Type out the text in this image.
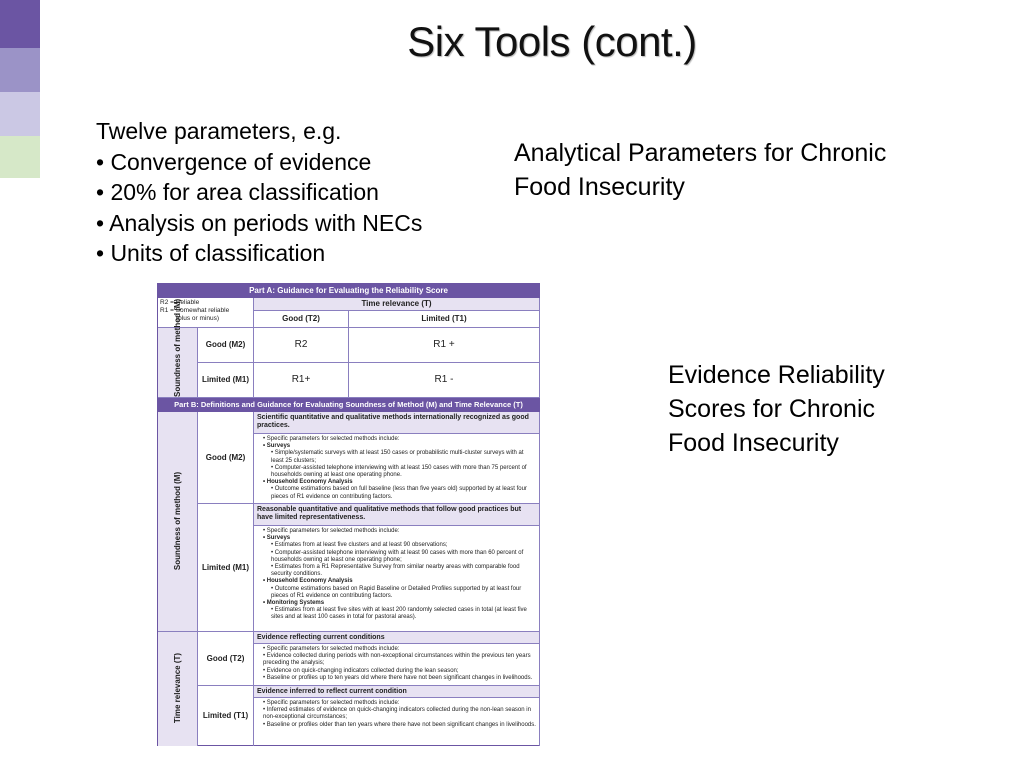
Six Tools (cont.)
Twelve parameters, e.g.
• Convergence of evidence
• 20% for area classification
• Analysis on periods with NECs
• Units of classification
Analytical Parameters for Chronic
Food Insecurity
Evidence Reliability
Scores for Chronic
Food Insecurity
Part A: Guidance for Evaluating the Reliability Score
R2 = Reliable
R1 = Somewhat reliable
(plus or minus)
Time relevance (T)
Good (T2)	Limited (T1)
Soundness of method (M)	Good (M2)	R2	R1 +
Limited (M1)	R1+	R1 -
Part B: Definitions and Guidance for Evaluating Soundness of Method (M) and Time Relevance (T)
Soundness of method (M)
Good (M2)
Scientific quantitative and qualitative methods internationally recognized as good practices.
• Specific parameters for selected methods include:
• Surveys
• Simple/systematic surveys with at least 150 cases or probabilistic multi-cluster surveys with at least 25 clusters;
• Computer-assisted telephone interviewing with at least 150 cases with more than 75 percent of households owning at least one operating phone.
• Household Economy Analysis
• Outcome estimations based on full baseline (less than five years old) supported by at least four pieces of R1 evidence on contributing factors.
Limited (M1)
Reasonable quantitative and qualitative methods that follow good practices but have limited representativeness.
• Specific parameters for selected methods include:
• Surveys
• Estimates from at least five clusters and at least 90 observations;
• Computer-assisted telephone interviewing with at least 90 cases with more than 60 percent of households owning at least one operating phone;
• Estimates from a R1 Representative Survey from similar nearby areas with comparable food security conditions.
• Household Economy Analysis
• Outcome estimations based on Rapid Baseline or Detailed Profiles supported by at least four pieces of R1 evidence on contributing factors.
• Monitoring Systems
• Estimates from at least five sites with at least 200 randomly selected cases in total (at least five sites and at least 100 cases in total for pastoral areas).
Time relevance (T)	Good (T2)
Evidence reflecting current conditions
• Specific parameters for selected methods include:
• Evidence collected during periods with non-exceptional circumstances within the previous ten years preceding the analysis;
• Evidence on quick-changing indicators collected during the lean season;
• Baseline or profiles up to ten years old where there have not been significant changes in livelihoods.
Limited (T1)
Evidence inferred to reflect current condition
• Specific parameters for selected methods include:
• Inferred estimates of evidence on quick-changing indicators collected during the non-lean season in non-exceptional circumstances;
• Baseline or profiles older than ten years where there have not been significant changes in livelihoods.
